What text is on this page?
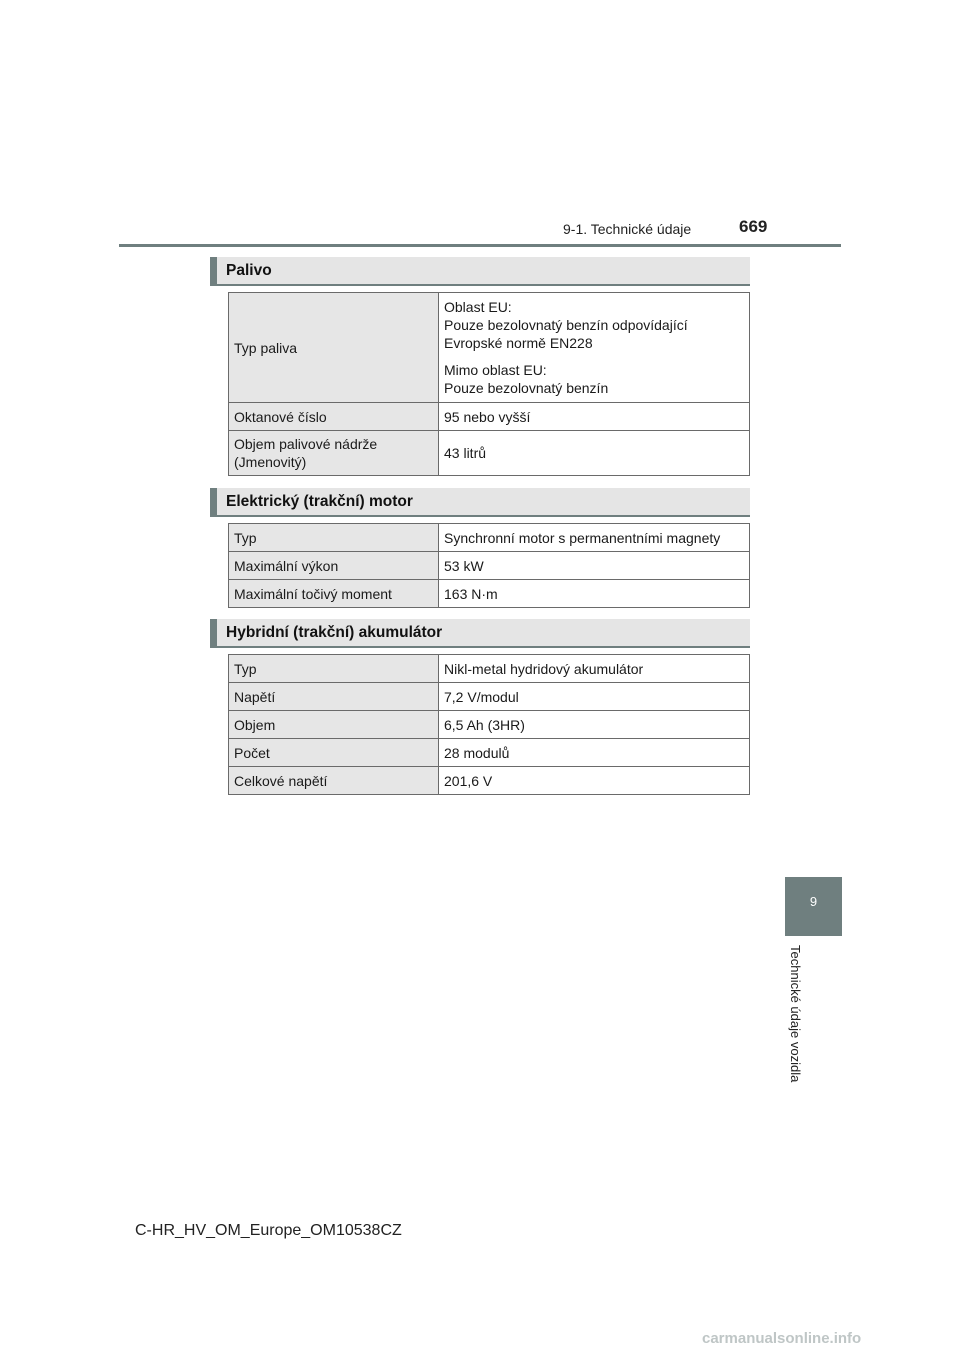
9-1. Technické údaje	669
Palivo
Typ paliva	Oblast EU:
Pouze bezolovnatý benzín odpovídající Evropské normě EN228

Mimo oblast EU:
Pouze bezolovnatý benzín

Oktanové číslo	95 nebo vyšší
Objem palivové nádrže (Jmenovitý)	43 litrů
Elektrický (trakční) motor
Typ	Synchronní motor s permanentními magnety
Maximální výkon	53 kW
Maximální točivý moment	163 N·m
Hybridní (trakční) akumulátor
Typ	Nikl-metal hydridový akumulátor
Napětí	7,2 V/modul
Objem	6,5 Ah (3HR)
Počet	28 modulů
Celkové napětí	201,6 V
9
Technické údaje vozidla
C-HR_HV_OM_Europe_OM10538CZ
carmanualsonline.info
